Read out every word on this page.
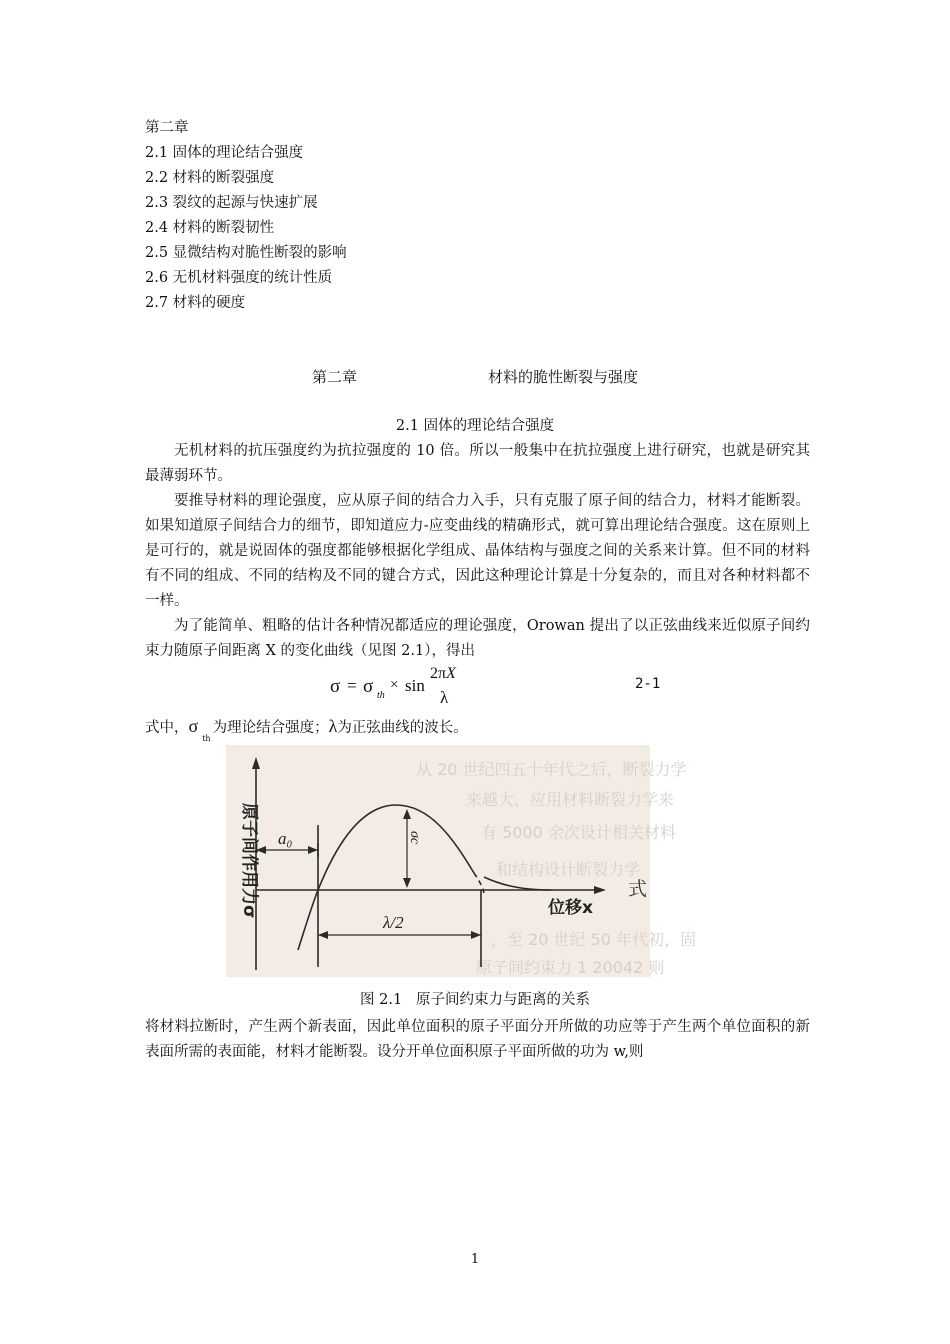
第二章
2.1 固体的理论结合强度
2.2 材料的断裂强度
2.3 裂纹的起源与快速扩展
2.4 材料的断裂韧性
2.5 显微结构对脆性断裂的影响
2.6 无机材料强度的统计性质
2.7 材料的硬度
第二章    材料的脆性断裂与强度
2.1 固体的理论结合强度
无机材料的抗压强度约为抗拉强度的 10 倍。所以一般集中在抗拉强度上进行研究，也就是研究其最薄弱环节。
要推导材料的理论强度，应从原子间的结合力入手，只有克服了原子间的结合力，材料才能断裂。如果知道原子间结合力的细节，即知道应力-应变曲线的精确形式，就可算出理论结合强度。这在原则上是可行的，就是说固体的强度都能够根据化学组成、晶体结构与强度之间的关系来计算。但不同的材料有不同的组成、不同的结构及不同的键合方式，因此这种理论计算是十分复杂的，而且对各种材料都不一样。
为了能简单、粗略的估计各种情况都适应的理论强度，Orowan 提出了以正弦曲线来近似原子间约束力随原子间距离 X 的变化曲线（见图 2.1），得出
σ = σ th
× sin
2πX
λ
2-1
式中，$\sigma_{th}$为理论结合强度；λ为正弦曲线的波长。
从 20 世纪四五十年代之后，断裂力学
来越大，应用材料断裂力学来
有 5000 余次设计相关材料
和结构设计断裂力学
，至 20 世纪 50 年代初，固
原子间约束力 1 20042 则
原子间作用力σ	位移x
a₀	σc
λ/2
式
图 2.1   原子间约束力与距离的关系
将材料拉断时，产生两个新表面，因此单位面积的原子平面分开所做的功应等于产生两个单位面积的新表面所需的表面能，材料才能断裂。设分开单位面积原子平面所做的功为 w,则
1
